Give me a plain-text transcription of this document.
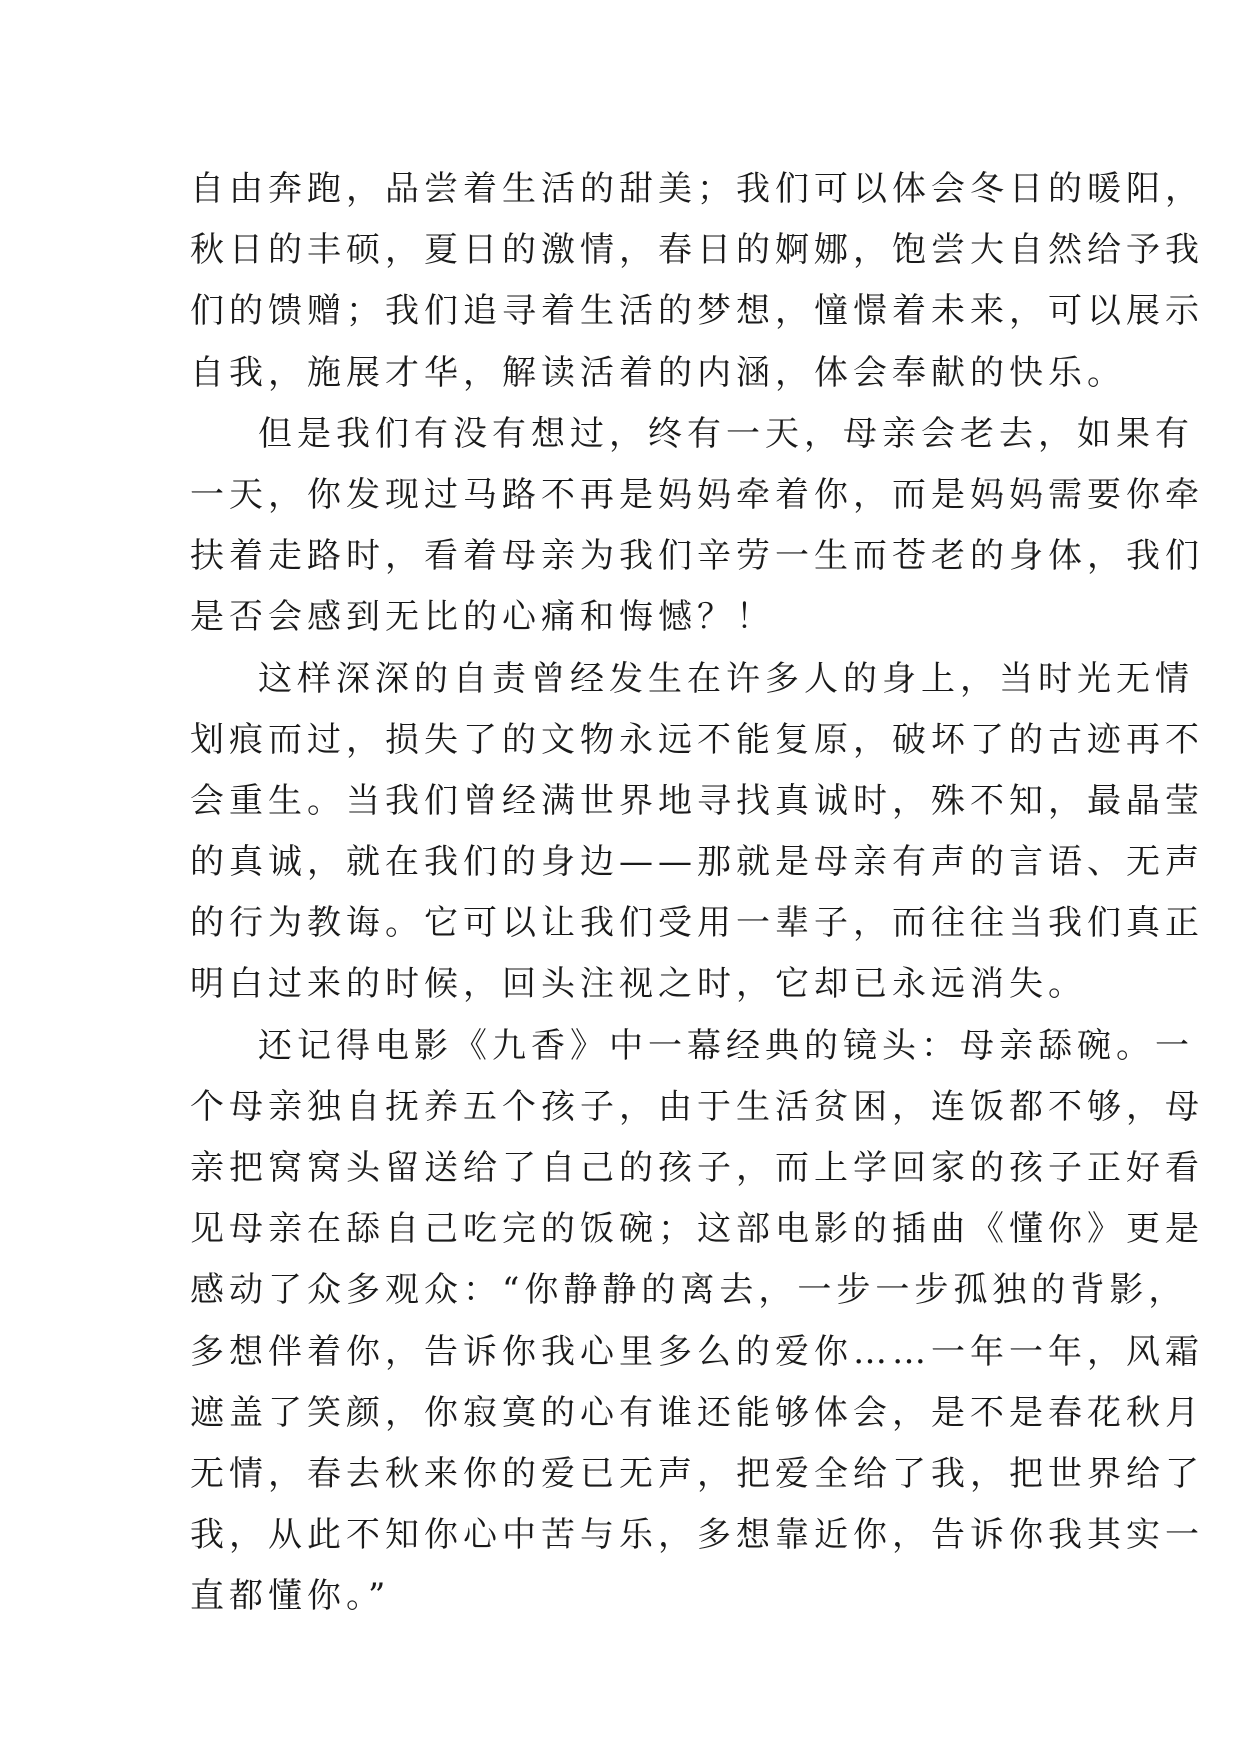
自由奔跑，品尝着生活的甜美；我们可以体会冬日的暖阳，
秋日的丰硕，夏日的激情，春日的婀娜，饱尝大自然给予我
们的馈赠；我们追寻着生活的梦想，憧憬着未来，可以展示
自我，施展才华，解读活着的内涵，体会奉献的快乐。
但是我们有没有想过，终有一天，母亲会老去，如果有
一天，你发现过马路不再是妈妈牵着你，而是妈妈需要你牵
扶着走路时，看着母亲为我们辛劳一生而苍老的身体，我们
是否会感到无比的心痛和悔憾？！
这样深深的自责曾经发生在许多人的身上，当时光无情
划痕而过，损失了的文物永远不能复原，破坏了的古迹再不
会重生。当我们曾经满世界地寻找真诚时，殊不知，最晶莹
的真诚，就在我们的身边——那就是母亲有声的言语、无声
的行为教诲。它可以让我们受用一辈子，而往往当我们真正
明白过来的时候，回头注视之时，它却已永远消失。
还记得电影《九香》中一幕经典的镜头：母亲舔碗。一
个母亲独自抚养五个孩子，由于生活贫困，连饭都不够，母
亲把窝窝头留送给了自己的孩子，而上学回家的孩子正好看
见母亲在舔自己吃完的饭碗；这部电影的插曲《懂你》更是
感动了众多观众：“你静静的离去，一步一步孤独的背影，
多想伴着你，告诉你我心里多么的爱你……一年一年，风霜
遮盖了笑颜，你寂寞的心有谁还能够体会，是不是春花秋月
无情，春去秋来你的爱已无声，把爱全给了我，把世界给了
我，从此不知你心中苦与乐，多想靠近你，告诉你我其实一
直都懂你。”
